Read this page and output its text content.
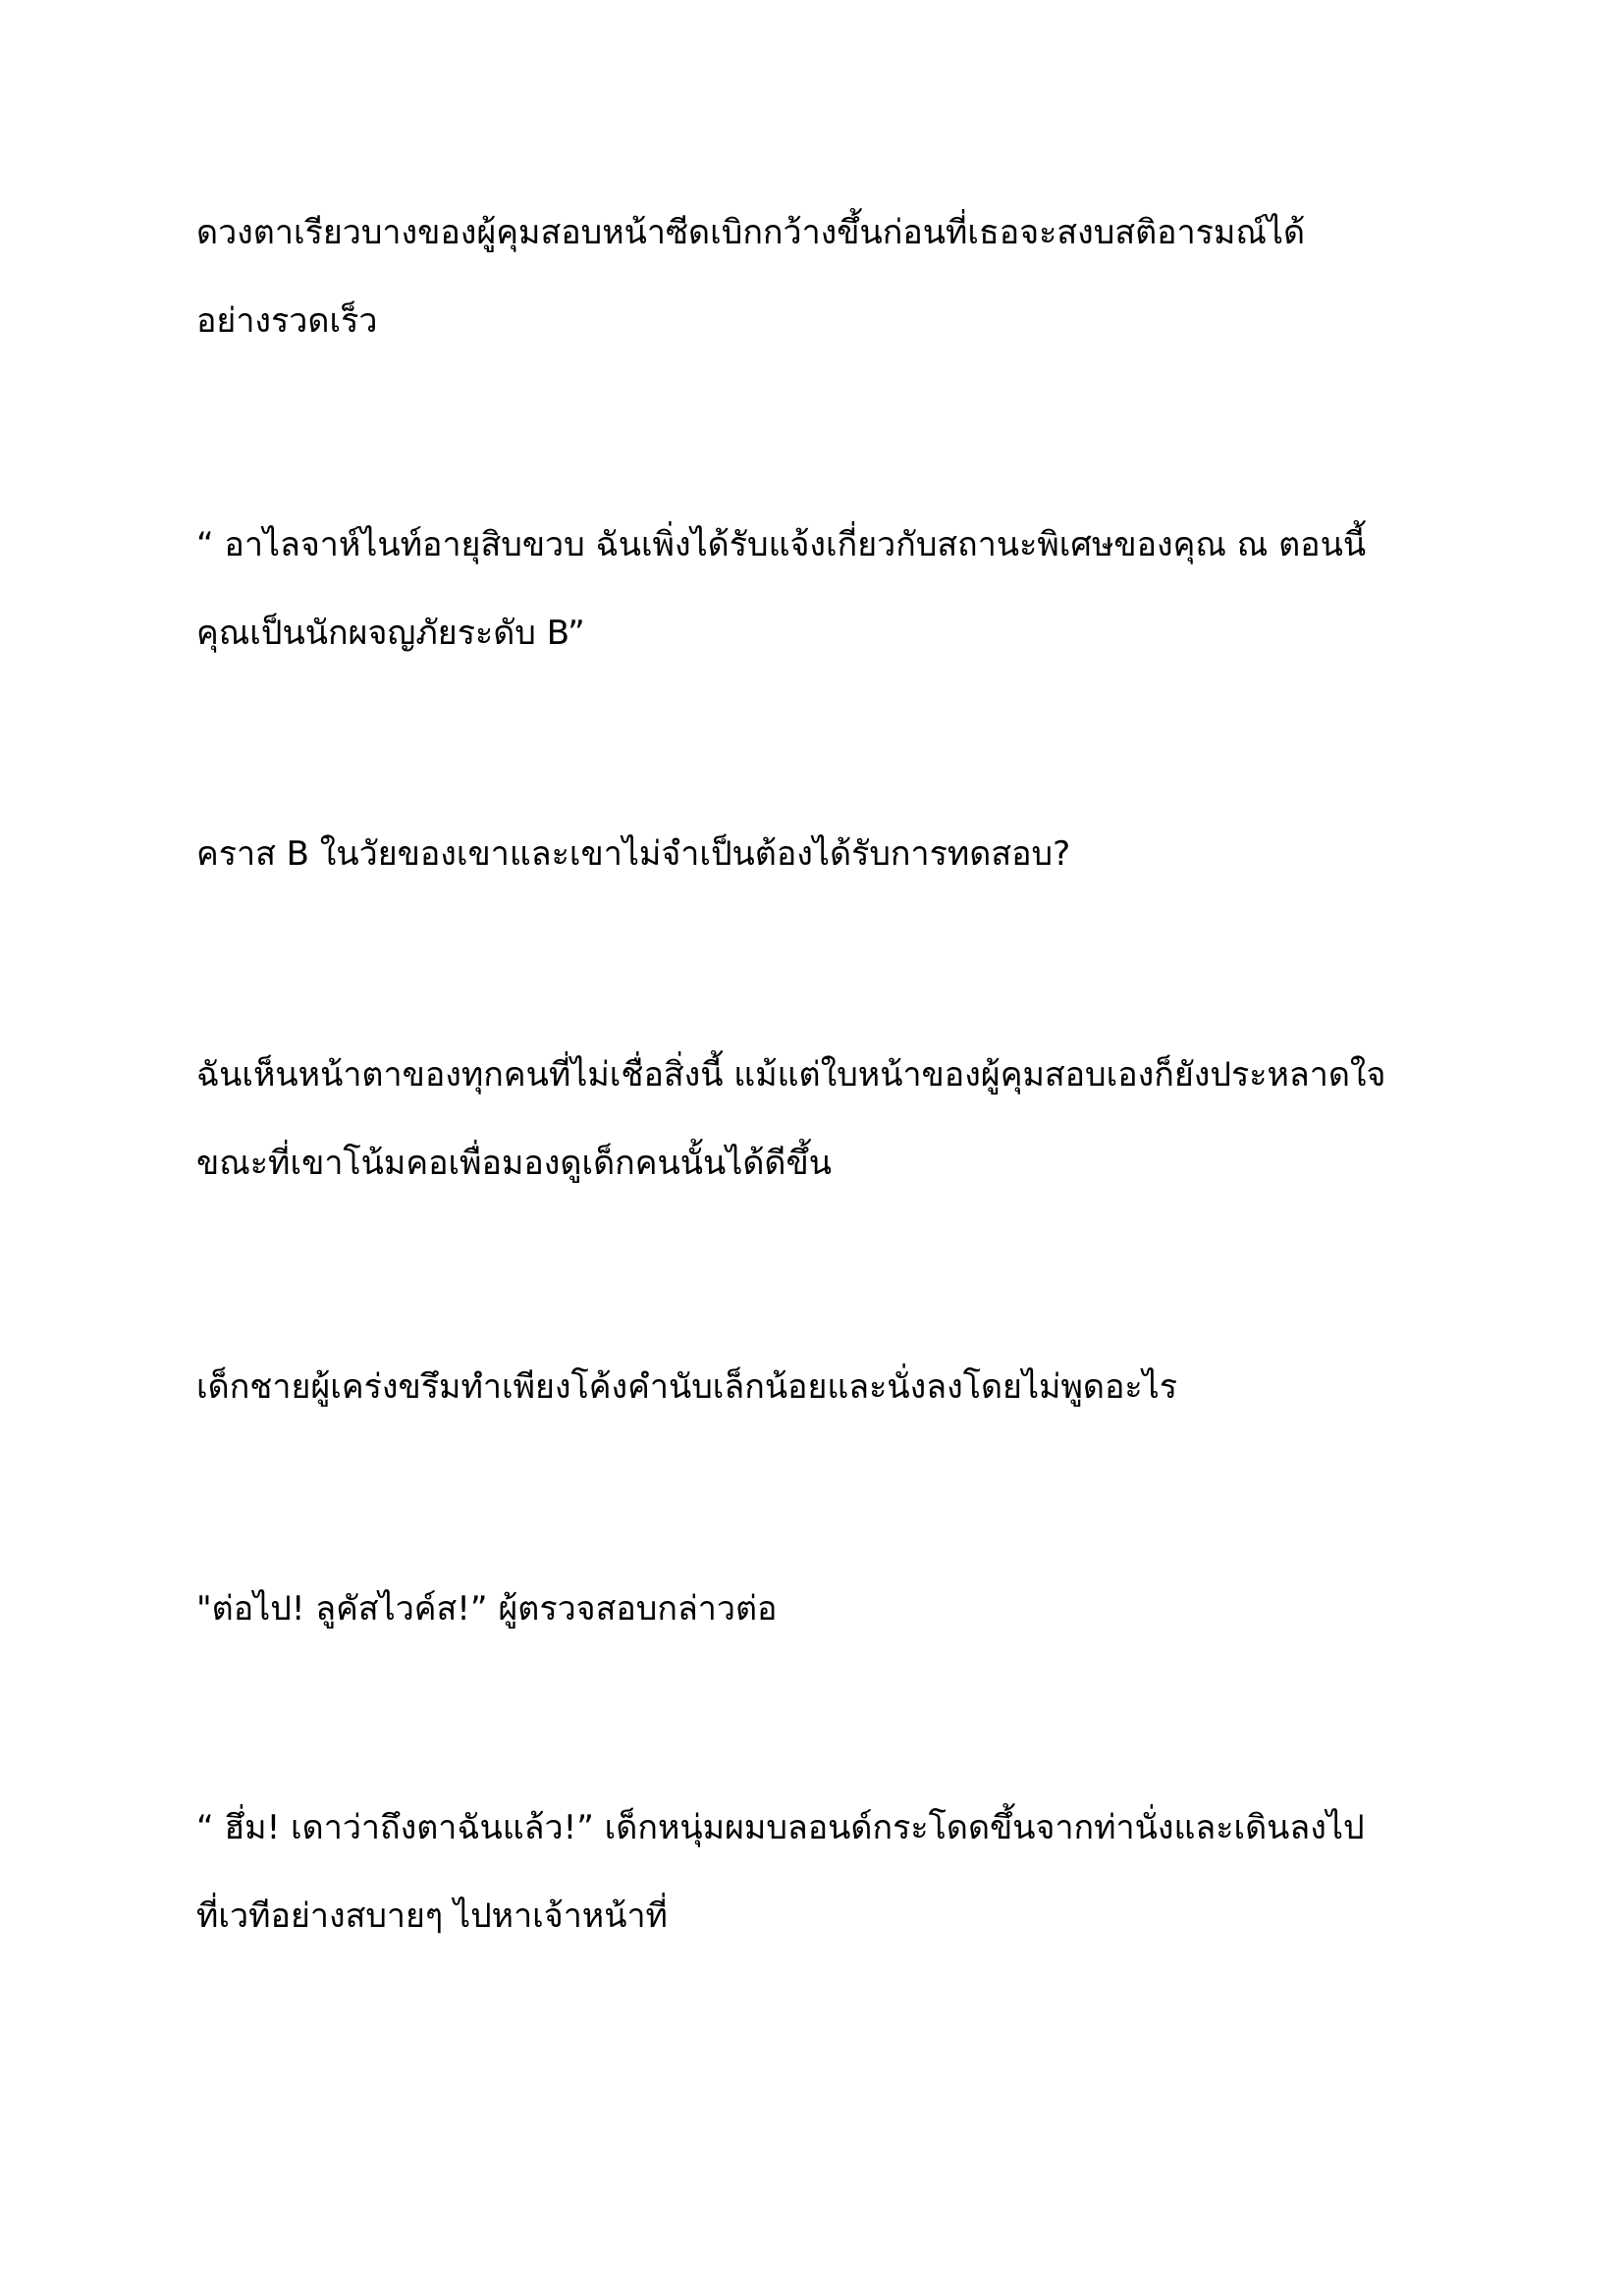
ดวงตาเรียวบางของผู้คุมสอบหน้าซีดเบิกกว้างขึ้นก่อนที่เธอจะสงบสติอารมณ์ได้
อย่างรวดเร็ว
“ อาไลจาห์ไนท์อายุสิบขวบ ฉันเพิ่งได้รับแจ้งเกี่ยวกับสถานะพิเศษของคุณ ณ ตอนนี้
คุณเป็นนักผจญภัยระดับ B”
คราส B ในวัยของเขาและเขาไม่จำเป็นต้องได้รับการทดสอบ?
ฉันเห็นหน้าตาของทุกคนที่ไม่เชื่อสิ่งนี้ แม้แต่ใบหน้าของผู้คุมสอบเองก็ยังประหลาดใจ
ขณะที่เขาโน้มคอเพื่อมองดูเด็กคนนั้นได้ดีขึ้น
เด็กชายผู้เคร่งขรึมทำเพียงโค้งคำนับเล็กน้อยและนั่งลงโดยไม่พูดอะไร
"ต่อไป! ลูคัสไวค์ส!” ผู้ตรวจสอบกล่าวต่อ
“ ฮึ่ม! เดาว่าถึงตาฉันแล้ว!” เด็กหนุ่มผมบลอนด์กระโดดขึ้นจากท่านั่งและเดินลงไป
ที่เวทีอย่างสบายๆ ไปหาเจ้าหน้าที่
